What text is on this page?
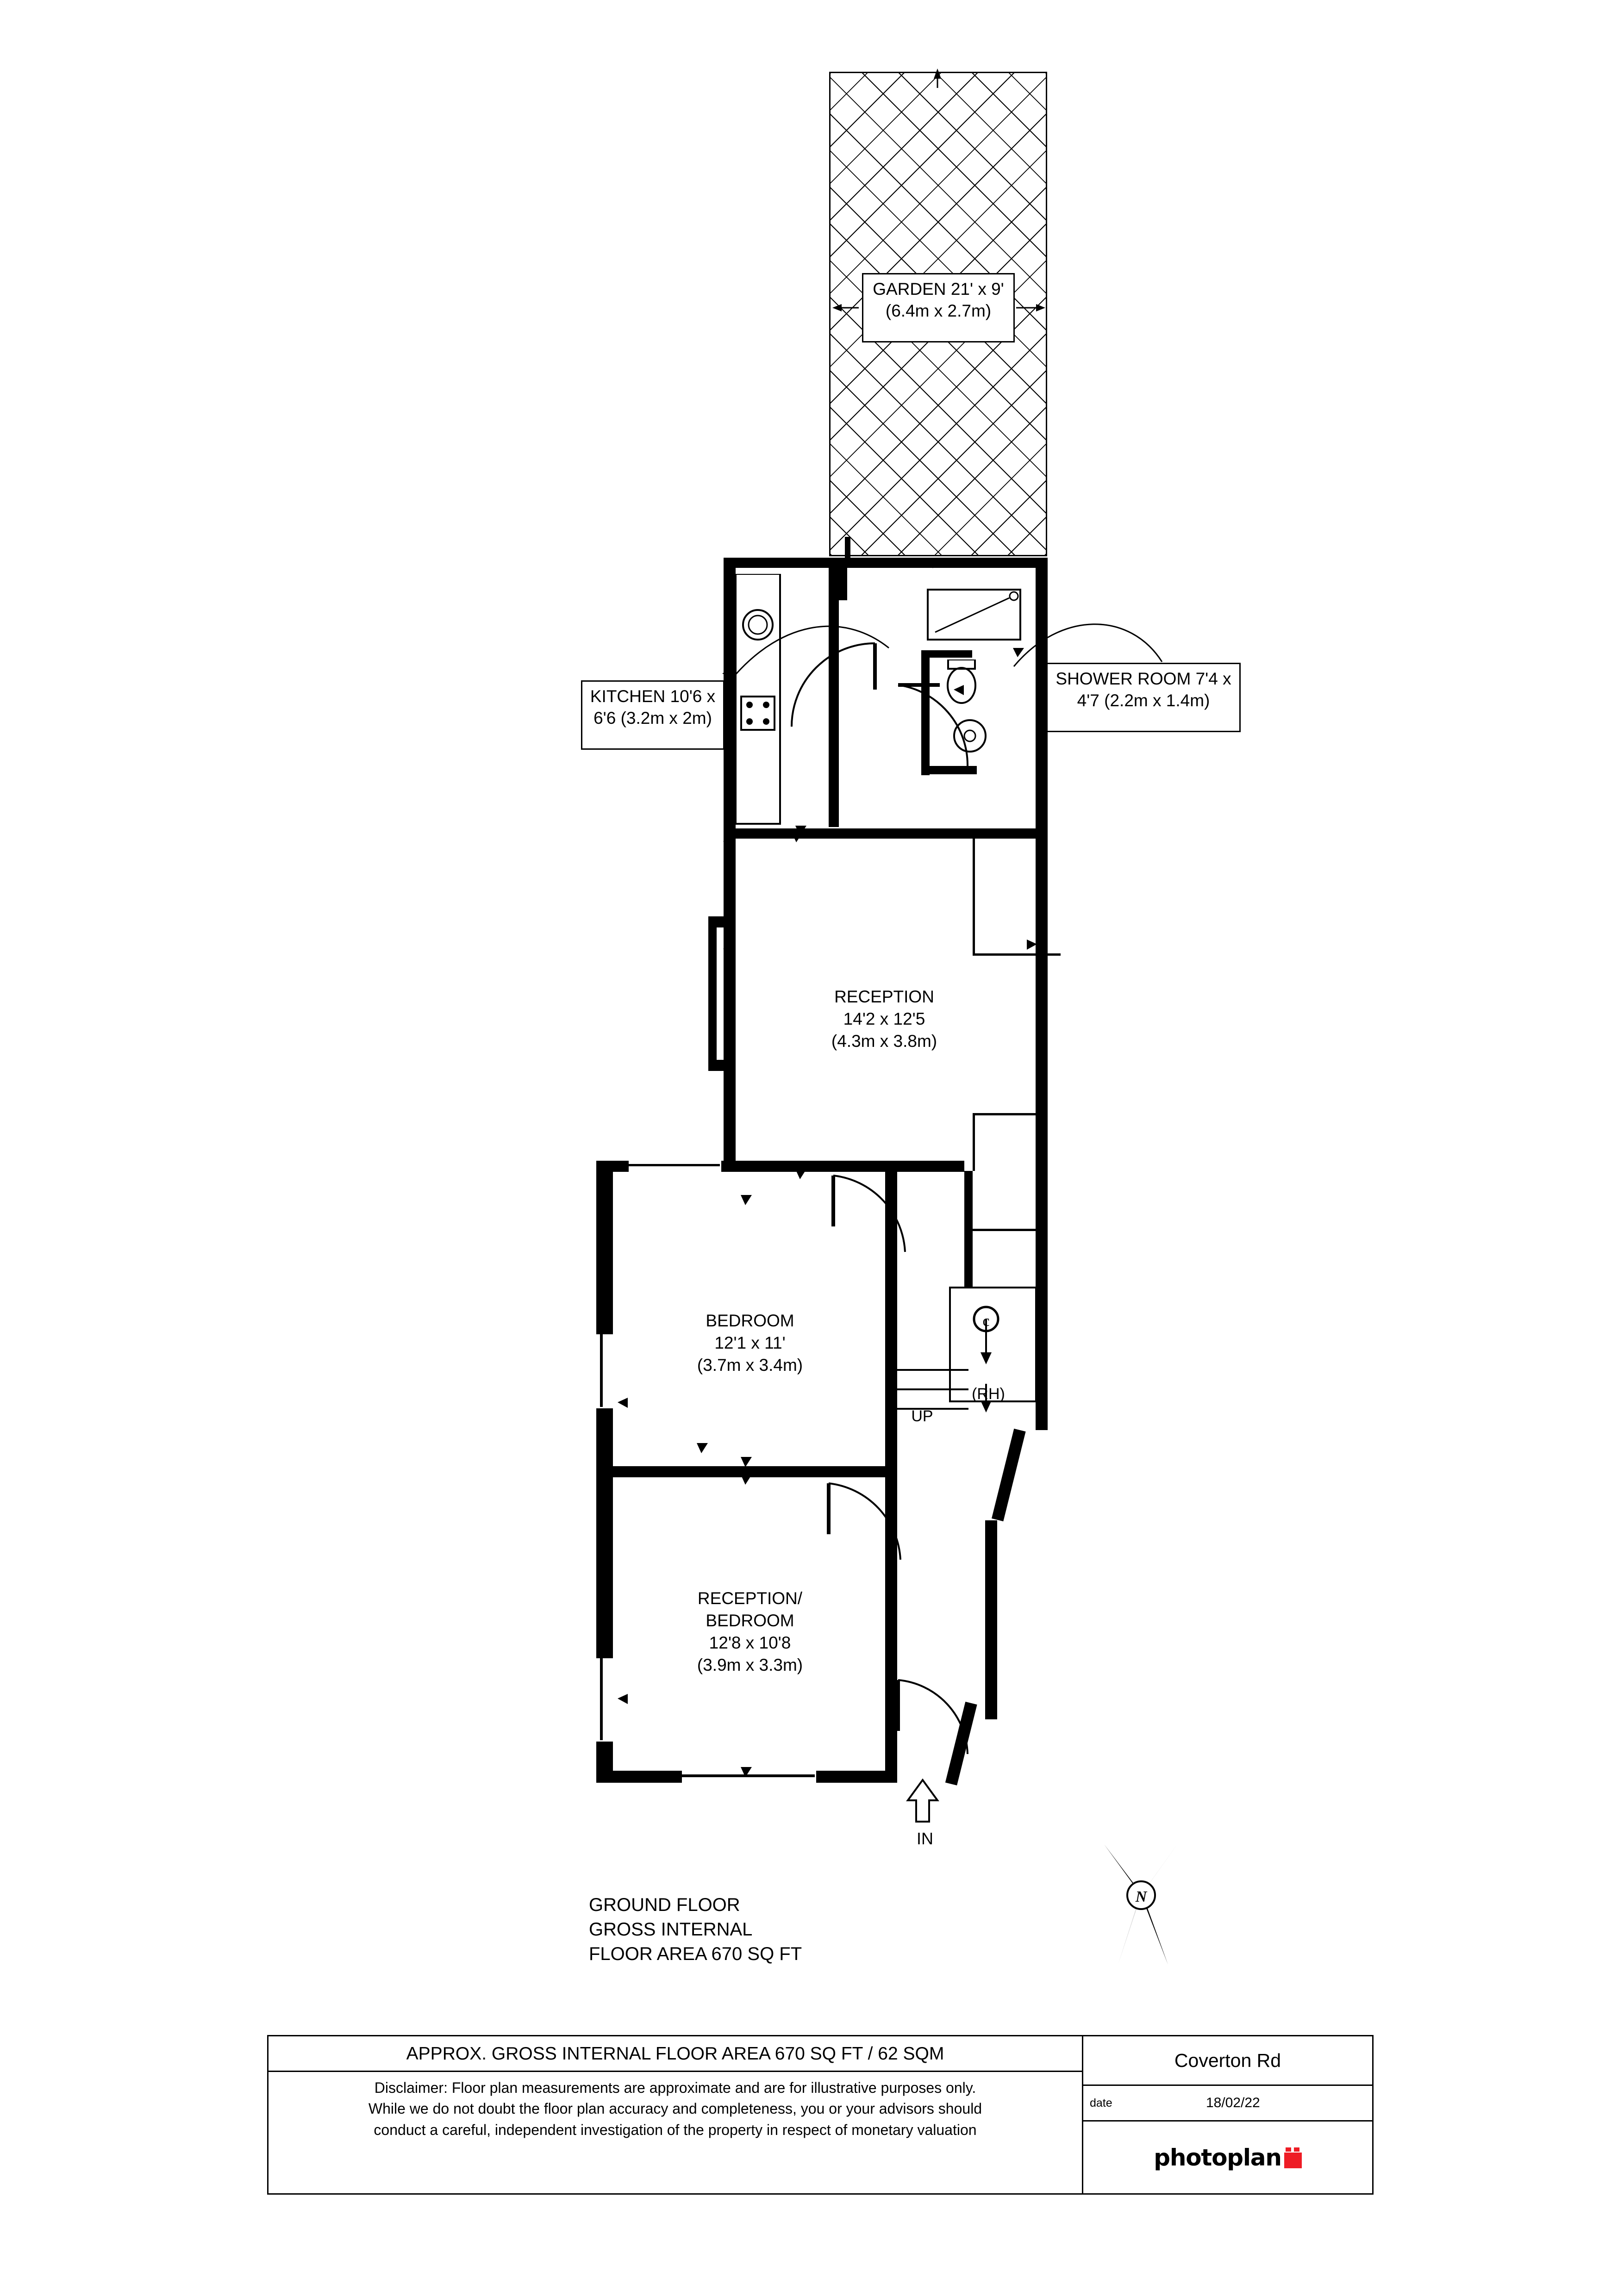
GARDEN 21' x 9' (6.4m x 2.7m)
c
UP
(RH)
IN
KITCHEN 10'6 x 6'6 (3.2m x 2m)
SHOWER ROOM 7'4 x 4'7 (2.2m x 1.4m)
RECEPTION
14'2 x 12'5
(4.3m x 3.8m)
BEDROOM
12'1 x 11'
(3.7m x 3.4m)
RECEPTION/
BEDROOM
12'8 x 10'8
(3.9m x 3.3m)
GROUND FLOOR
GROSS INTERNAL
FLOOR AREA 670 SQ FT
N
APPROX. GROSS INTERNAL FLOOR AREA 670 SQ FT / 62 SQM
Disclaimer: Floor plan measurements are approximate and are for illustrative purposes only.
While we do not doubt the floor plan accuracy and completeness, you or your advisors should
conduct a careful, independent investigation of the property in respect of monetary valuation
Coverton Rd
date	18/02/22
photoplan
